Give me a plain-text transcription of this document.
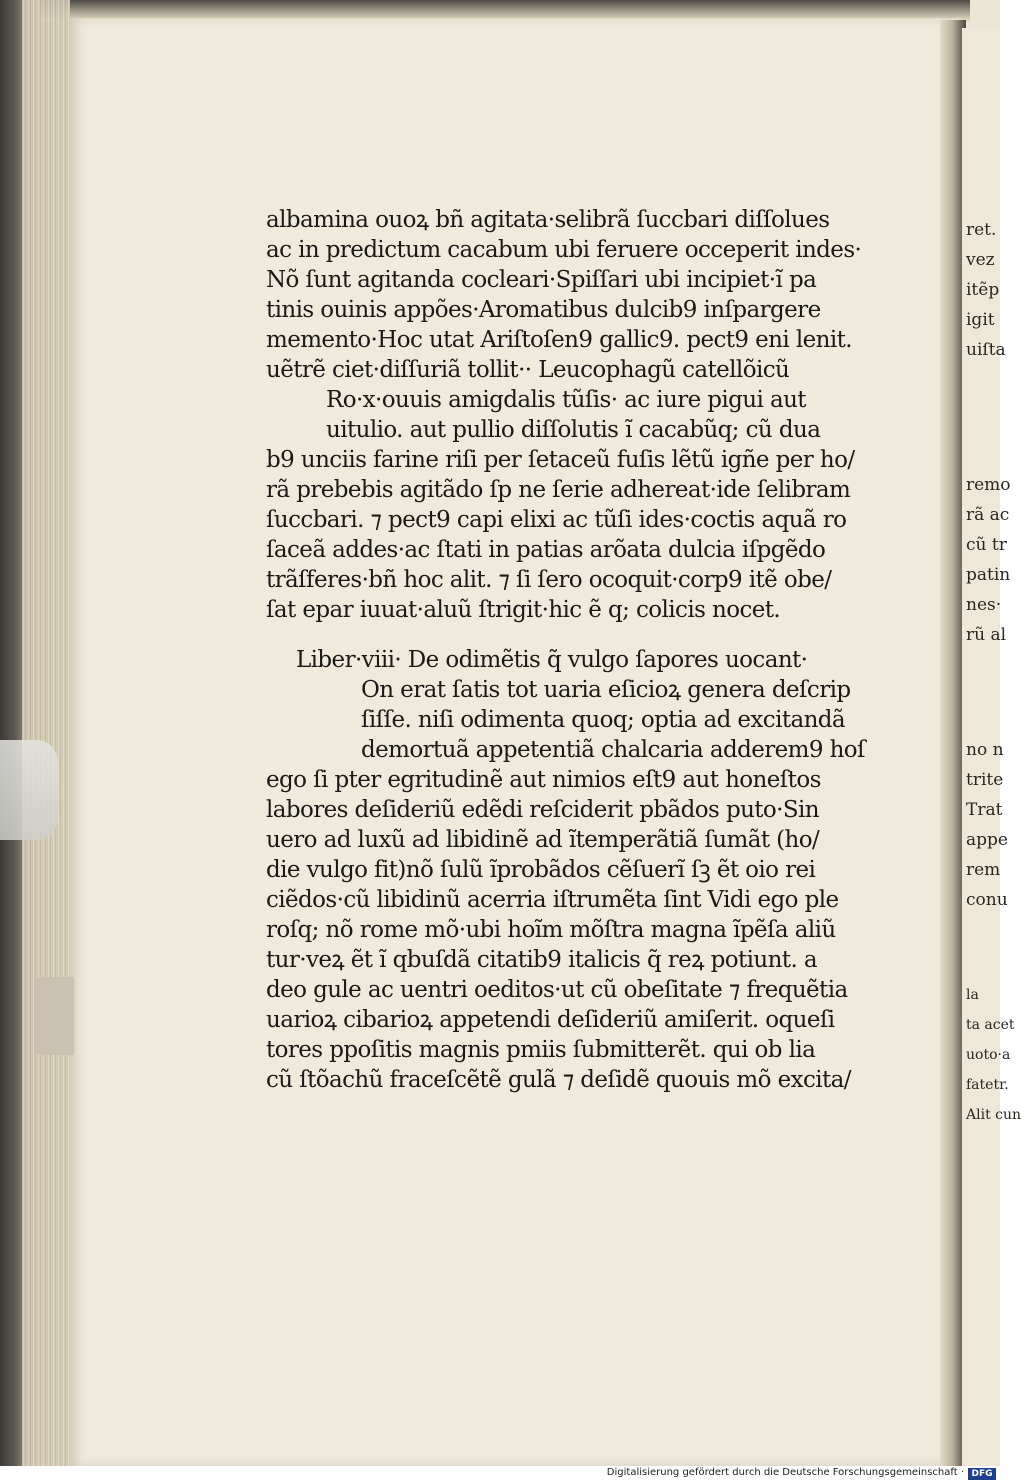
albamina ouoꝝ bñ agitata·selibrã ſuccbari diſſolues
ac in predictum cacabum ubi feruere occeperit indes·
Nõ ſunt agitanda cocleari·Spiſſari ubi incipiet·ĩ pa
tinis ouinis appões·Aromatibus dulcib9 inſpargere
memento·Hoc utat Ariſtoſen9 gallic9. pect9 eni lenit.
uẽtrẽ ciet·diſſuriã tollit·· Leucophagũ catellõicũ
Ro·x·ouuis amigdalis tũſis· ac iure pigui aut
uitulio. aut pullio diſſolutis ĩ cacabũq; cũ dua
b9 unciis farine riſi per ſetaceũ fuſis lẽtũ igñe per ho/
rã prebebis agitãdo ſp ne ſerie adhereat·ide ſelibram
ſuccbari. ⁊ pect9 capi elixi ac tũſi ides·coctis aquã ro
ſaceã addes·ac ſtati in patias arõata dulcia iſpgẽdo
trãſferes·bñ hoc alit. ⁊ ſi ſero ocoquit·corp9 itẽ obe/
ſat epar iuuat·aluũ ſtrigit·hic ẽ q; colicis nocet.
Liber·viii· De odimẽtis q̃ vulgo ſapores uocant·
On erat ſatis tot uaria eſicioꝝ genera deſcrip
ſiſſe. niſi odimenta quoq; optia ad excitandã
demortuã appetentiã chalcaria adderem9 hoſ
ego ſi pter egritudinẽ aut nimios eſt9 aut honeſtos
labores deſideriũ edẽdi reſciderit pbãdos puto·Sin
uero ad luxũ ad libidinẽ ad ĩtemperãtiã ſumãt (ho/
die vulgo fit)nõ ſulũ ĩprobãdos cẽſuerĩ ſꝫ ẽt oio rei
ciẽdos·cũ libidinũ acerria iſtrumẽta ſint Vidi ego ple
roſq; nõ rome mõ·ubi hoĩm mõſtra magna ĩpẽſa aliũ
tur·veꝝ ẽt ĩ qbuſdã citatib9 italicis q̃ reꝝ potiunt. a
deo gule ac uentri oeditos·ut cũ obeſitate ⁊ frequẽtia
uarioꝝ cibarioꝝ appetendi deſideriũ amiſerit. oqueſi
tores ppoſitis magnis pmiis ſubmitterẽt. qui ob lia
cũ ſtõachũ fraceſcẽtẽ gulã ⁊ deſidẽ quouis mõ excita/
ret.
vez
itẽp
igit
uiſta
remo
rã ac
cũ tr
patin
nes·
rũ al
no n
trite
Trat
appe
rem
conu
la
ta acet
uoto·a
fatetr.
Alit cun
Digitalisierung gefördert durch die Deutsche Forschungsgemeinschaft · DFG
